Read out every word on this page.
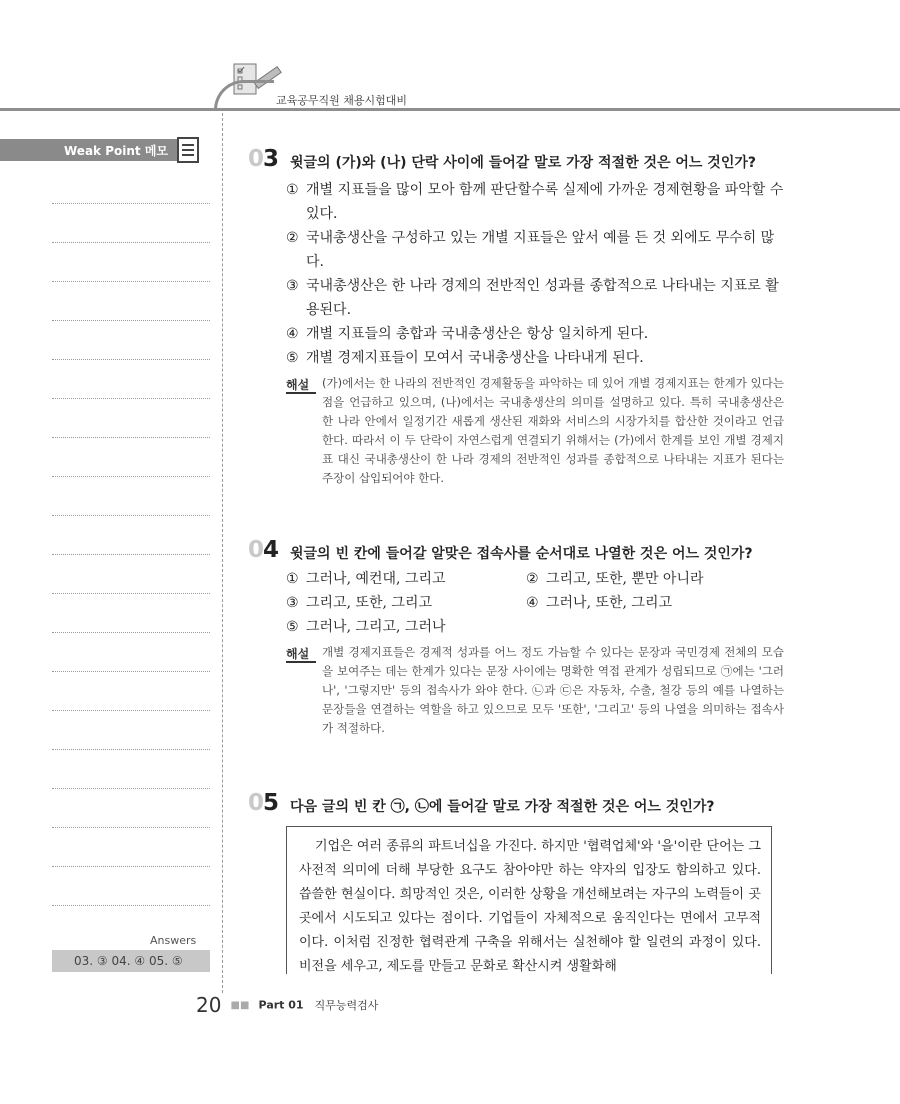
교육공무직원 채용시험대비
Weak Point 메모
Answers
03. ③ 04. ④ 05. ⑤
03 윗글의 (가)와 (나) 단락 사이에 들어갈 말로 가장 적절한 것은 어느 것인가?
① 개별 지표들을 많이 모아 함께 판단할수록 실제에 가까운 경제현황을 파악할 수 있다.
② 국내총생산을 구성하고 있는 개별 지표들은 앞서 예를 든 것 외에도 무수히 많다.
③ 국내총생산은 한 나라 경제의 전반적인 성과를 종합적으로 나타내는 지표로 활용된다.
④ 개별 지표들의 총합과 국내총생산은 항상 일치하게 된다.
⑤ 개별 경제지표들이 모여서 국내총생산을 나타내게 된다.
해설 (가)에서는 한 나라의 전반적인 경제활동을 파악하는 데 있어 개별 경제지표는 한계가 있다는 점을 언급하고 있으며, (나)에서는 국내총생산의 의미를 설명하고 있다. 특히 국내총생산은 한 나라 안에서 일정기간 새롭게 생산된 재화와 서비스의 시장가치를 합산한 것이라고 언급한다. 따라서 이 두 단락이 자연스럽게 연결되기 위해서는 (가)에서 한계를 보인 개별 경제지표 대신 국내총생산이 한 나라 경제의 전반적인 성과를 종합적으로 나타내는 지표가 된다는 주장이 삽입되어야 한다.
04 윗글의 빈 칸에 들어갈 알맞은 접속사를 순서대로 나열한 것은 어느 것인가?
① 그러나, 예컨대, 그리고	② 그리고, 또한, 뿐만 아니라
③ 그리고, 또한, 그리고	④ 그러나, 또한, 그리고
⑤ 그러나, 그리고, 그러나
해설 개별 경제지표들은 경제적 성과를 어느 정도 가늠할 수 있다는 문장과 국민경제 전체의 모습을 보여주는 데는 한계가 있다는 문장 사이에는 명확한 역접 관계가 성립되므로 ㉠에는 '그러나', '그렇지만' 등의 접속사가 와야 한다. ㉡과 ㉢은 자동차, 수출, 철강 등의 예를 나열하는 문장들을 연결하는 역할을 하고 있으므로 모두 '또한', '그리고' 등의 나열을 의미하는 접속사가 적절하다.
05 다음 글의 빈 칸 ㉠, ㉡에 들어갈 말로 가장 적절한 것은 어느 것인가?
기업은 여러 종류의 파트너십을 가진다. 하지만 '협력업체'와 '을'이란 단어는 그 사전적 의미에 더해 부당한 요구도 참아야만 하는 약자의 입장도 함의하고 있다. 씁쓸한 현실이다. 희망적인 것은, 이러한 상황을 개선해보려는 자구의 노력들이 곳곳에서 시도되고 있다는 점이다. 기업들이 자체적으로 움직인다는 면에서 고무적이다. 이처럼 진정한 협력관계 구축을 위해서는 실천해야 할 일련의 과정이 있다. 비전을 세우고, 제도를 만들고 문화로 확산시켜 생활화해
20 ■■ Part 01 직무능력검사
